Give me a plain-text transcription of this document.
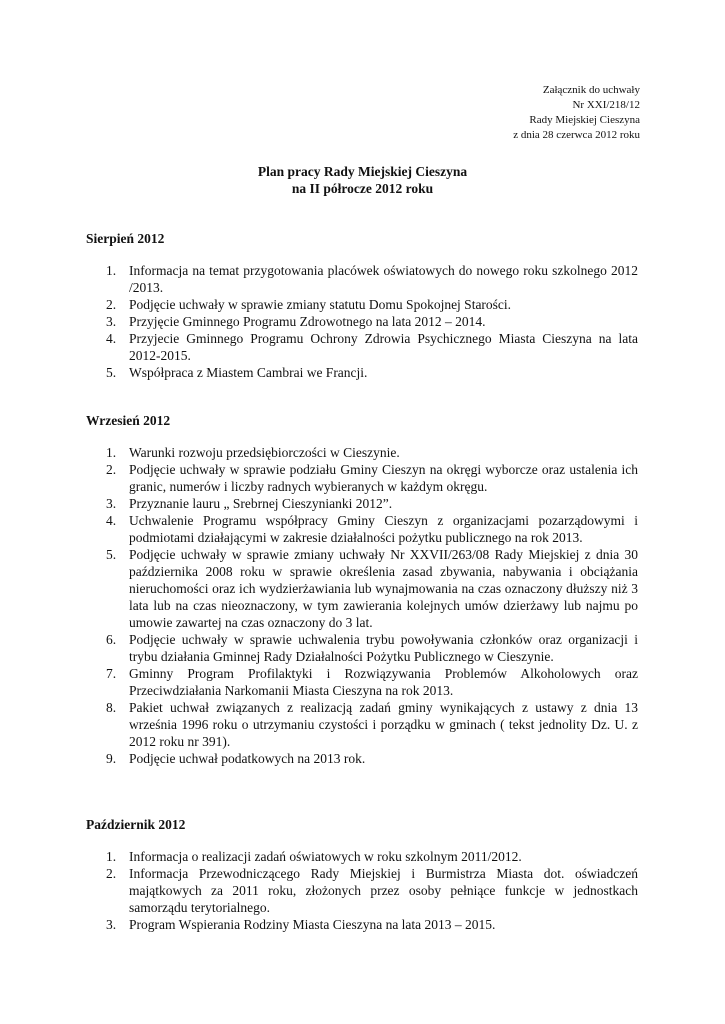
Załącznik do uchwały
Nr XXI/218/12
Rady Miejskiej Cieszyna
z dnia 28 czerwca 2012 roku
Plan pracy Rady Miejskiej Cieszyna
na II półrocze 2012 roku
Sierpień 2012
1. Informacja na temat przygotowania placówek oświatowych do nowego roku szkolnego 2012 /2013.
2. Podjęcie uchwały w sprawie zmiany statutu Domu Spokojnej Starości.
3. Przyjęcie Gminnego Programu Zdrowotnego na lata 2012 – 2014.
4. Przyjecie Gminnego Programu Ochrony Zdrowia Psychicznego Miasta Cieszyna na lata 2012-2015.
5. Współpraca z Miastem Cambrai we Francji.
Wrzesień 2012
1. Warunki rozwoju przedsiębiorczości w Cieszynie.
2. Podjęcie uchwały w sprawie podziału Gminy Cieszyn na okręgi wyborcze oraz ustalenia ich granic, numerów i liczby radnych wybieranych w każdym okręgu.
3. Przyznanie lauru „ Srebrnej Cieszynianki 2012”.
4. Uchwalenie Programu współpracy Gminy Cieszyn z organizacjami pozarządowymi i podmiotami działającymi w zakresie działalności pożytku publicznego na rok 2013.
5. Podjęcie uchwały w sprawie zmiany uchwały Nr XXVII/263/08 Rady Miejskiej z dnia 30 października 2008 roku w sprawie określenia zasad zbywania, nabywania i obciążania nieruchomości oraz ich wydzierżawiania lub wynajmowania na czas oznaczony dłuższy niż 3 lata lub na czas nieoznaczony, w tym zawierania kolejnych umów dzierżawy lub najmu po umowie zawartej na czas oznaczony do 3 lat.
6. Podjęcie uchwały w sprawie uchwalenia trybu powoływania członków oraz organizacji i trybu działania Gminnej Rady Działalności Pożytku Publicznego w Cieszynie.
7. Gminny Program Profilaktyki i Rozwiązywania Problemów Alkoholowych oraz Przeciwdziałania Narkomanii Miasta Cieszyna na rok 2013.
8. Pakiet uchwał związanych z realizacją zadań gminy wynikających z ustawy z dnia 13 września 1996 roku o utrzymaniu czystości i porządku w gminach ( tekst jednolity Dz. U. z 2012 roku nr 391).
9. Podjęcie uchwał podatkowych na 2013 rok.
Październik 2012
1. Informacja o realizacji zadań oświatowych w roku szkolnym 2011/2012.
2. Informacja Przewodniczącego Rady Miejskiej i Burmistrza Miasta dot. oświadczeń majątkowych za 2011 roku, złożonych przez osoby pełniące funkcje w jednostkach samorządu terytorialnego.
3. Program Wspierania Rodziny Miasta Cieszyna na lata 2013 – 2015.
